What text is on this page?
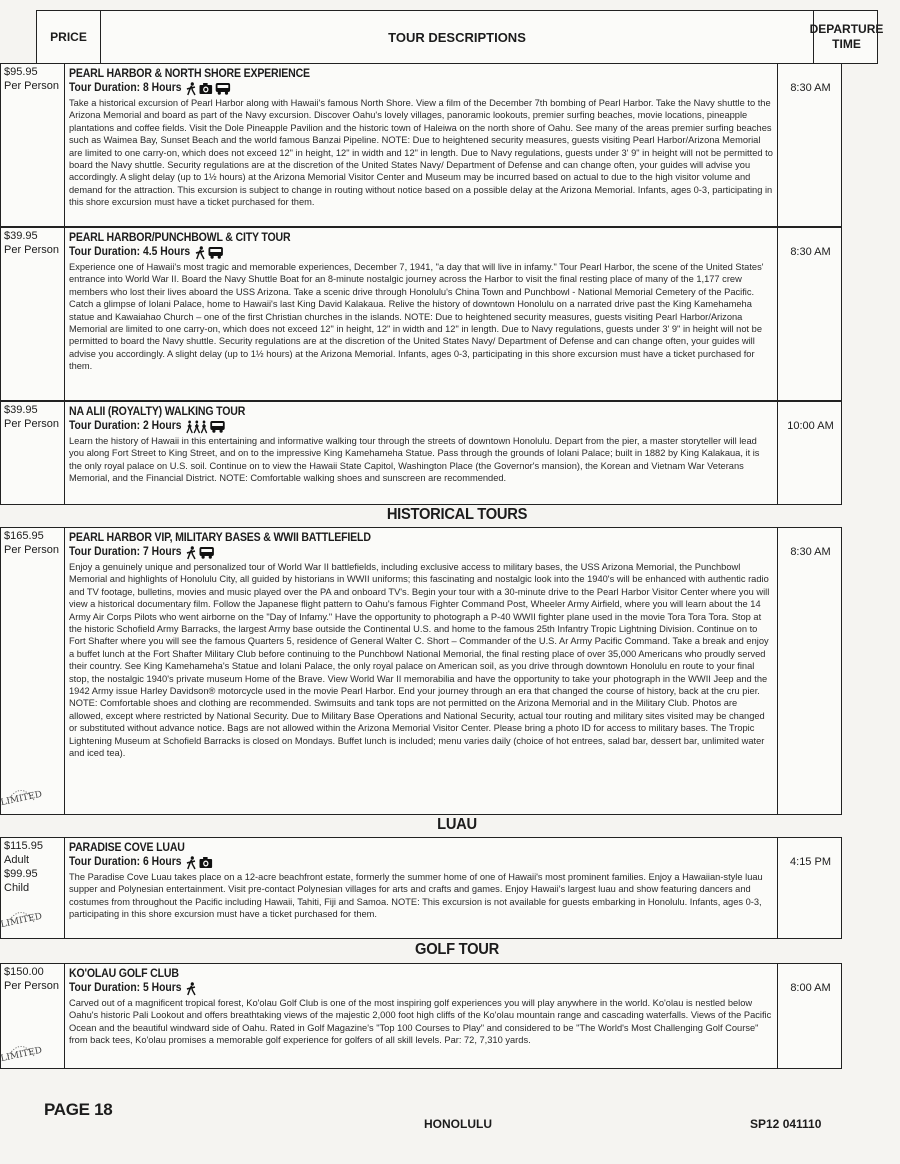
PRICE	TOUR DESCRIPTIONS
DEPARTURE
TIME
$95.95
Per Person
PEARL HARBOR & NORTH SHORE EXPERIENCE
Tour Duration: 8 Hours
Take a historical excursion of Pearl Harbor along with Hawaii's famous North Shore. View a film of the December 7th bombing of Pearl Harbor. Take the Navy shuttle to the Arizona Memorial and board as part of the Navy excursion. Discover Oahu's lovely villages, panoramic lookouts, premier surfing beaches, movie locations, pineapple plantations and coffee fields. Visit the Dole Pineapple Pavilion and the historic town of Haleiwa on the north shore of Oahu. See many of the areas premier surfing beaches such as Waimea Bay, Sunset Beach and the world famous Banzai Pipeline. NOTE: Due to heightened security measures, guests visiting Pearl Harbor/Arizona Memorial are limited to one carry-on, which does not exceed 12" in height, 12" in width and 12" in length. Due to Navy regulations, guests under 3' 9" in height will not be permitted to board the Navy shuttle. Security regulations are at the discretion of the United States Navy/ Department of Defense and can change often, your guides will advise you accordingly. A slight delay (up to 1½ hours) at the Arizona Memorial Visitor Center and Museum may be incurred based on actual to due to the high visitor volume and demand for the attraction. This excursion is subject to change in routing without notice based on a possible delay at the Arizona Memorial. Infants, ages 0-3, participating in this shore excursion must have a ticket purchased for them.
8:30 AM
$39.95
Per Person
PEARL HARBOR/PUNCHBOWL & CITY TOUR
Tour Duration: 4.5 Hours
Experience one of Hawaii's most tragic and memorable experiences, December 7, 1941, "a day that will live in infamy." Tour Pearl Harbor, the scene of the United States' entrance into World War II. Board the Navy Shuttle Boat for an 8-minute nostalgic journey across the Harbor to visit the final resting place of many of the 1,177 crew members who lost their lives aboard the USS Arizona. Take a scenic drive through Honolulu's China Town and Punchbowl - National Memorial Cemetery of the Pacific. Catch a glimpse of Iolani Palace, home to Hawaii's last King David Kalakaua. Relive the history of downtown Honolulu on a narrated drive past the King Kamehameha statue and Kawaiahao Church – one of the first Christian churches in the islands. NOTE: Due to heightened security measures, guests visiting Pearl Harbor/Arizona Memorial are limited to one carry-on, which does not exceed 12" in height, 12" in width and 12" in length. Due to Navy regulations, guests under 3' 9" in height will not be permitted to board the Navy shuttle. Security regulations are at the discretion of the United States Navy/ Department of Defense and can change often, your guides will advise you accordingly. A slight delay (up to 1½ hours) at the Arizona Memorial. Infants, ages 0-3, participating in this shore excursion must have a ticket purchased for them.
8:30 AM
$39.95
Per Person
NA ALII (ROYALTY) WALKING TOUR
Tour Duration: 2 Hours
Learn the history of Hawaii in this entertaining and informative walking tour through the streets of downtown Honolulu. Depart from the pier, a master storyteller will lead you along Fort Street to King Street, and on to the impressive King Kamehameha Statue. Pass through the grounds of Iolani Palace; built in 1882 by King Kalakaua, it is the only royal palace on U.S. soil. Continue on to view the Hawaii State Capitol, Washington Place (the Governor's mansion), the Korean and Vietnam War Veterans Memorial, and the Financial District. NOTE: Comfortable walking shoes and sunscreen are recommended.
10:00 AM
HISTORICAL TOURS
$165.95
Per Person
LIMITED
PEARL HARBOR VIP, MILITARY BASES & WWII BATTLEFIELD
Tour Duration: 7 Hours
Enjoy a genuinely unique and personalized tour of World War II battlefields, including exclusive access to military bases, the USS Arizona Memorial, the Punchbowl Memorial and highlights of Honolulu City, all guided by historians in WWII uniforms; this fascinating and nostalgic look into the 1940's will be enhanced with authentic radio and TV footage, bulletins, movies and music played over the PA and onboard TV's. Begin your tour with a 30-minute drive to the Pearl Harbor Visitor Center where you will view a historical documentary film. Follow the Japanese flight pattern to Oahu's famous Fighter Command Post, Wheeler Army Airfield, where you will learn about the 14 Army Air Corps Pilots who went airborne on the "Day of Infamy." Have the opportunity to photograph a P-40 WWII fighter plane used in the movie Tora Tora Tora. Stop at the historic Schofield Army Barracks, the largest Army base outside the Continental U.S. and home to the famous 25th Infantry Tropic Lightning Division. Continue on to Fort Shafter where you will see the famous Quarters 5, residence of General Walter C. Short – Commander of the U.S. Ar Army Pacific Command. Take a break and enjoy a buffet lunch at the Fort Shafter Military Club before continuing to the Punchbowl National Memorial, the final resting place of over 35,000 Americans who proudly served their country. See King Kamehameha's Statue and Iolani Palace, the only royal palace on American soil, as you drive through downtown Honolulu en route to your final stop, the nostalgic 1940's private museum Home of the Brave. View World War II memorabilia and have the opportunity to take your photograph in the WWII Jeep and the 1942 Army issue Harley Davidson® motorcycle used in the movie Pearl Harbor. End your journey through an era that changed the course of history, back at the cru pier. NOTE: Comfortable shoes and clothing are recommended. Swimsuits and tank tops are not permitted on the Arizona Memorial and in the Military Club. Photos are allowed, except where restricted by National Security. Due to Military Base Operations and National Security, actual tour routing and military sites visited may be changed or substituted without advance notice. Bags are not allowed within the Arizona Memorial Visitor Center. Please bring a photo ID for access to military bases. The Tropic Lightening Museum at Schofield Barracks is closed on Mondays. Buffet lunch is included; menu varies daily (choice of hot entrees, salad bar, dessert bar, unlimited water and iced tea).
8:30 AM
LUAU
$115.95
Adult
$99.95
Child
LIMITED
PARADISE COVE LUAU
Tour Duration: 6 Hours
The Paradise Cove Luau takes place on a 12-acre beachfront estate, formerly the summer home of one of Hawaii's most prominent families. Enjoy a Hawaiian-style luau supper and Polynesian entertainment. Visit pre-contact Polynesian villages for arts and crafts and games. Enjoy Hawaii's largest luau and show featuring dancers and costumes from throughout the Pacific including Hawaii, Tahiti, Fiji and Samoa. NOTE: This excursion is not available for guests embarking in Honolulu. Infants, ages 0-3, participating in this shore excursion must have a ticket purchased for them.
4:15 PM
GOLF TOUR
$150.00
Per Person
LIMITED
KO'OLAU GOLF CLUB
Tour Duration: 5 Hours
Carved out of a magnificent tropical forest, Ko'olau Golf Club is one of the most inspiring golf experiences you will play anywhere in the world. Ko'olau is nestled below Oahu's historic Pali Lookout and offers breathtaking views of the majestic 2,000 foot high cliffs of the Ko'olau mountain range and cascading waterfalls. Views of the Pacific Ocean and the beautiful windward side of Oahu. Rated in Golf Magazine's "Top 100 Courses to Play" and considered to be "The World's Most Challenging Golf Course" from back tees, Ko'olau promises a memorable golf experience for golfers of all skill levels. Par: 72, 7,310 yards.
8:00 AM
PAGE 18
HONOLULU	SP12 041110
